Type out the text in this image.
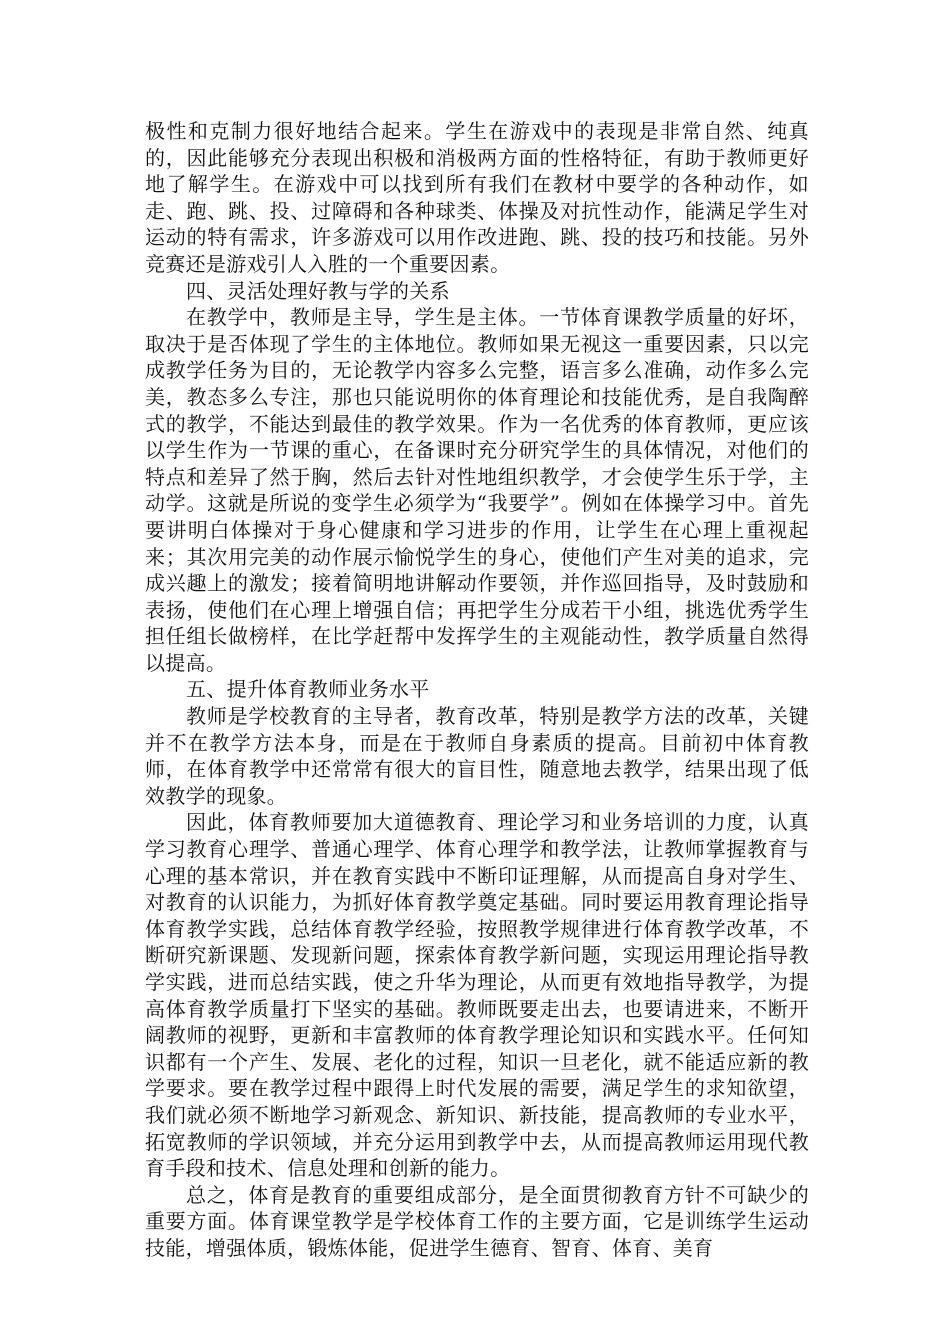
极性和克制力很好地结合起来。学生在游戏中的表现是非常自然、纯真的，因此能够充分表现出积极和消极两方面的性格特征，有助于教师更好地了解学生。在游戏中可以找到所有我们在教材中要学的各种动作，如走、跑、跳、投、过障碍和各种球类、体操及对抗性动作，能满足学生对运动的特有需求，许多游戏可以用作改进跑、跳、投的技巧和技能。另外竞赛还是游戏引人入胜的一个重要因素。

四、灵活处理好教与学的关系

在教学中，教师是主导，学生是主体。一节体育课教学质量的好坏，取决于是否体现了学生的主体地位。教师如果无视这一重要因素，只以完成教学任务为目的，无论教学内容多么完整，语言多么准确，动作多么完美，教态多么专注，那也只能说明你的体育理论和技能优秀，是自我陶醉式的教学，不能达到最佳的教学效果。作为一名优秀的体育教师，更应该以学生作为一节课的重心，在备课时充分研究学生的具体情况，对他们的特点和差异了然于胸，然后去针对性地组织教学，才会使学生乐于学，主动学。这就是所说的变学生必须学为“我要学”。例如在体操学习中。首先要讲明白体操对于身心健康和学习进步的作用，让学生在心理上重视起来；其次用完美的动作展示愉悦学生的身心，使他们产生对美的追求，完成兴趣上的激发；接着简明地讲解动作要领，并作巡回指导，及时鼓励和表扬，使他们在心理上增强自信；再把学生分成若干小组，挑选优秀学生担任组长做榜样，在比学赶帮中发挥学生的主观能动性，教学质量自然得以提高。

五、提升体育教师业务水平

教师是学校教育的主导者，教育改革，特别是教学方法的改革，关键并不在教学方法本身，而是在于教师自身素质的提高。目前初中体育教师，在体育教学中还常常有很大的盲目性，随意地去教学，结果出现了低效教学的现象。

因此，体育教师要加大道德教育、理论学习和业务培训的力度，认真学习教育心理学、普通心理学、体育心理学和教学法，让教师掌握教育与心理的基本常识，并在教育实践中不断印证理解，从而提高自身对学生、对教育的认识能力，为抓好体育教学奠定基础。同时要运用教育理论指导体育教学实践，总结体育教学经验，按照教学规律进行体育教学改革，不断研究新课题、发现新问题，探索体育教学新问题，实现运用理论指导教学实践，进而总结实践，使之升华为理论，从而更有效地指导教学，为提高体育教学质量打下坚实的基础。教师既要走出去，也要请进来，不断开阔教师的视野，更新和丰富教师的体育教学理论知识和实践水平。任何知识都有一个产生、发展、老化的过程，知识一旦老化，就不能适应新的教学要求。要在教学过程中跟得上时代发展的需要，满足学生的求知欲望，我们就必须不断地学习新观念、新知识、新技能，提高教师的专业水平，拓宽教师的学识领域，并充分运用到教学中去，从而提高教师运用现代教育手段和技术、信息处理和创新的能力。

总之，体育是教育的重要组成部分，是全面贯彻教育方针不可缺少的重要方面。体育课堂教学是学校体育工作的主要方面，它是训练学生运动技能，增强体质，锻炼体能，促进学生德育、智育、体育、美育
